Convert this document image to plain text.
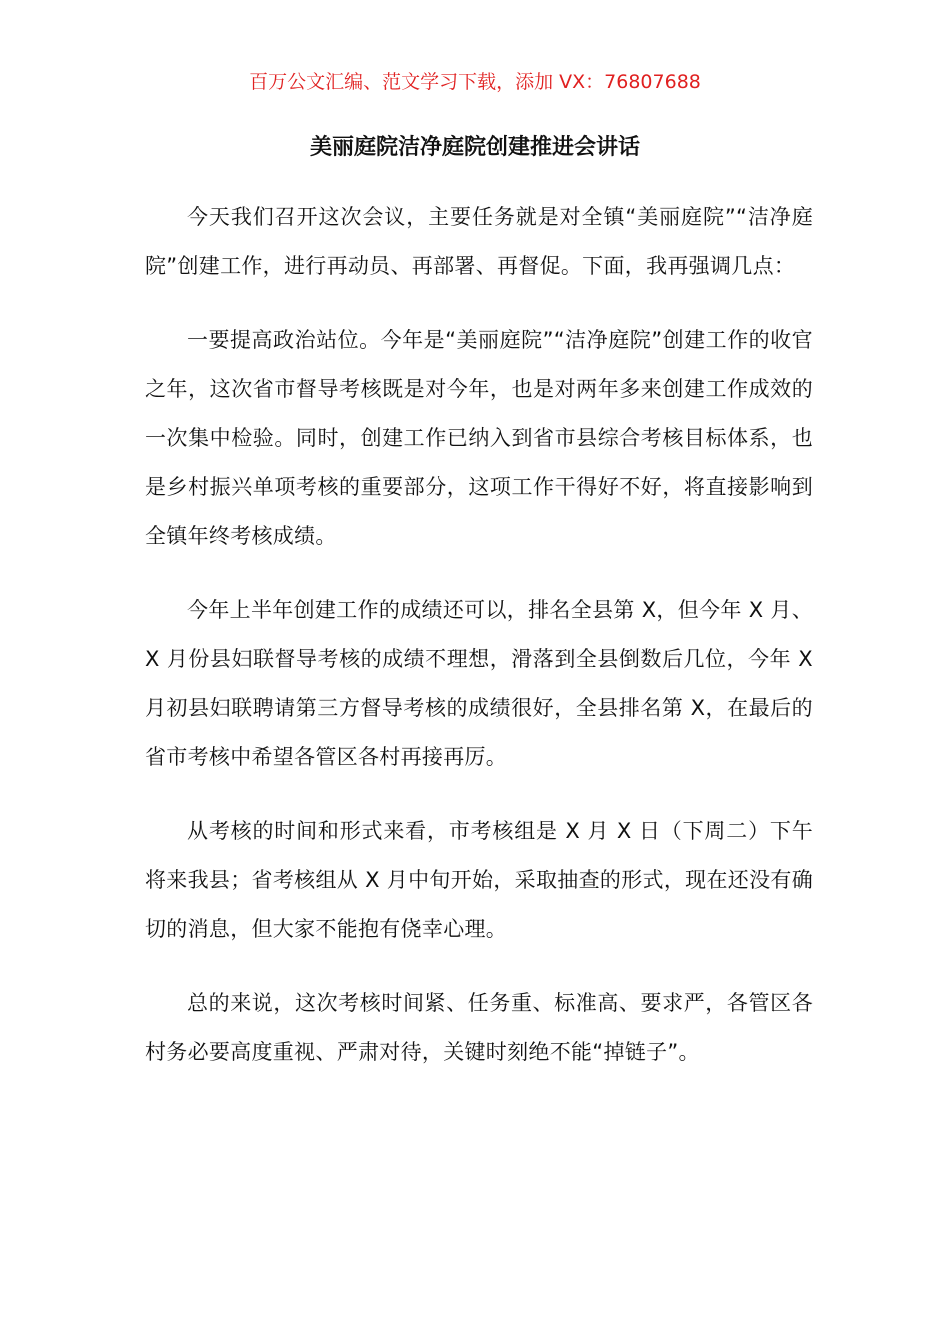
百万公文汇编、范文学习下载，添加 VX：76807688
美丽庭院洁净庭院创建推进会讲话

今天我们召开这次会议，主要任务就是对全镇“美丽庭院”“洁净庭院”创建工作，进行再动员、再部署、再督促。下面，我再强调几点：

一要提高政治站位。今年是“美丽庭院”“洁净庭院”创建工作的收官之年，这次省市督导考核既是对今年，也是对两年多来创建工作成效的一次集中检验。同时，创建工作已纳入到省市县综合考核目标体系，也是乡村振兴单项考核的重要部分，这项工作干得好不好，将直接影响到全镇年终考核成绩。

今年上半年创建工作的成绩还可以，排名全县第 X，但今年 X 月、X 月份县妇联督导考核的成绩不理想，滑落到全县倒数后几位，今年 X 月初县妇联聘请第三方督导考核的成绩很好，全县排名第 X，在最后的省市考核中希望各管区各村再接再厉。

从考核的时间和形式来看，市考核组是 X 月 X 日（下周二）下午将来我县；省考核组从 X 月中旬开始，采取抽查的形式，现在还没有确切的消息，但大家不能抱有侥幸心理。

总的来说，这次考核时间紧、任务重、标准高、要求严，各管区各村务必要高度重视、严肃对待，关键时刻绝不能“掉链子”。
